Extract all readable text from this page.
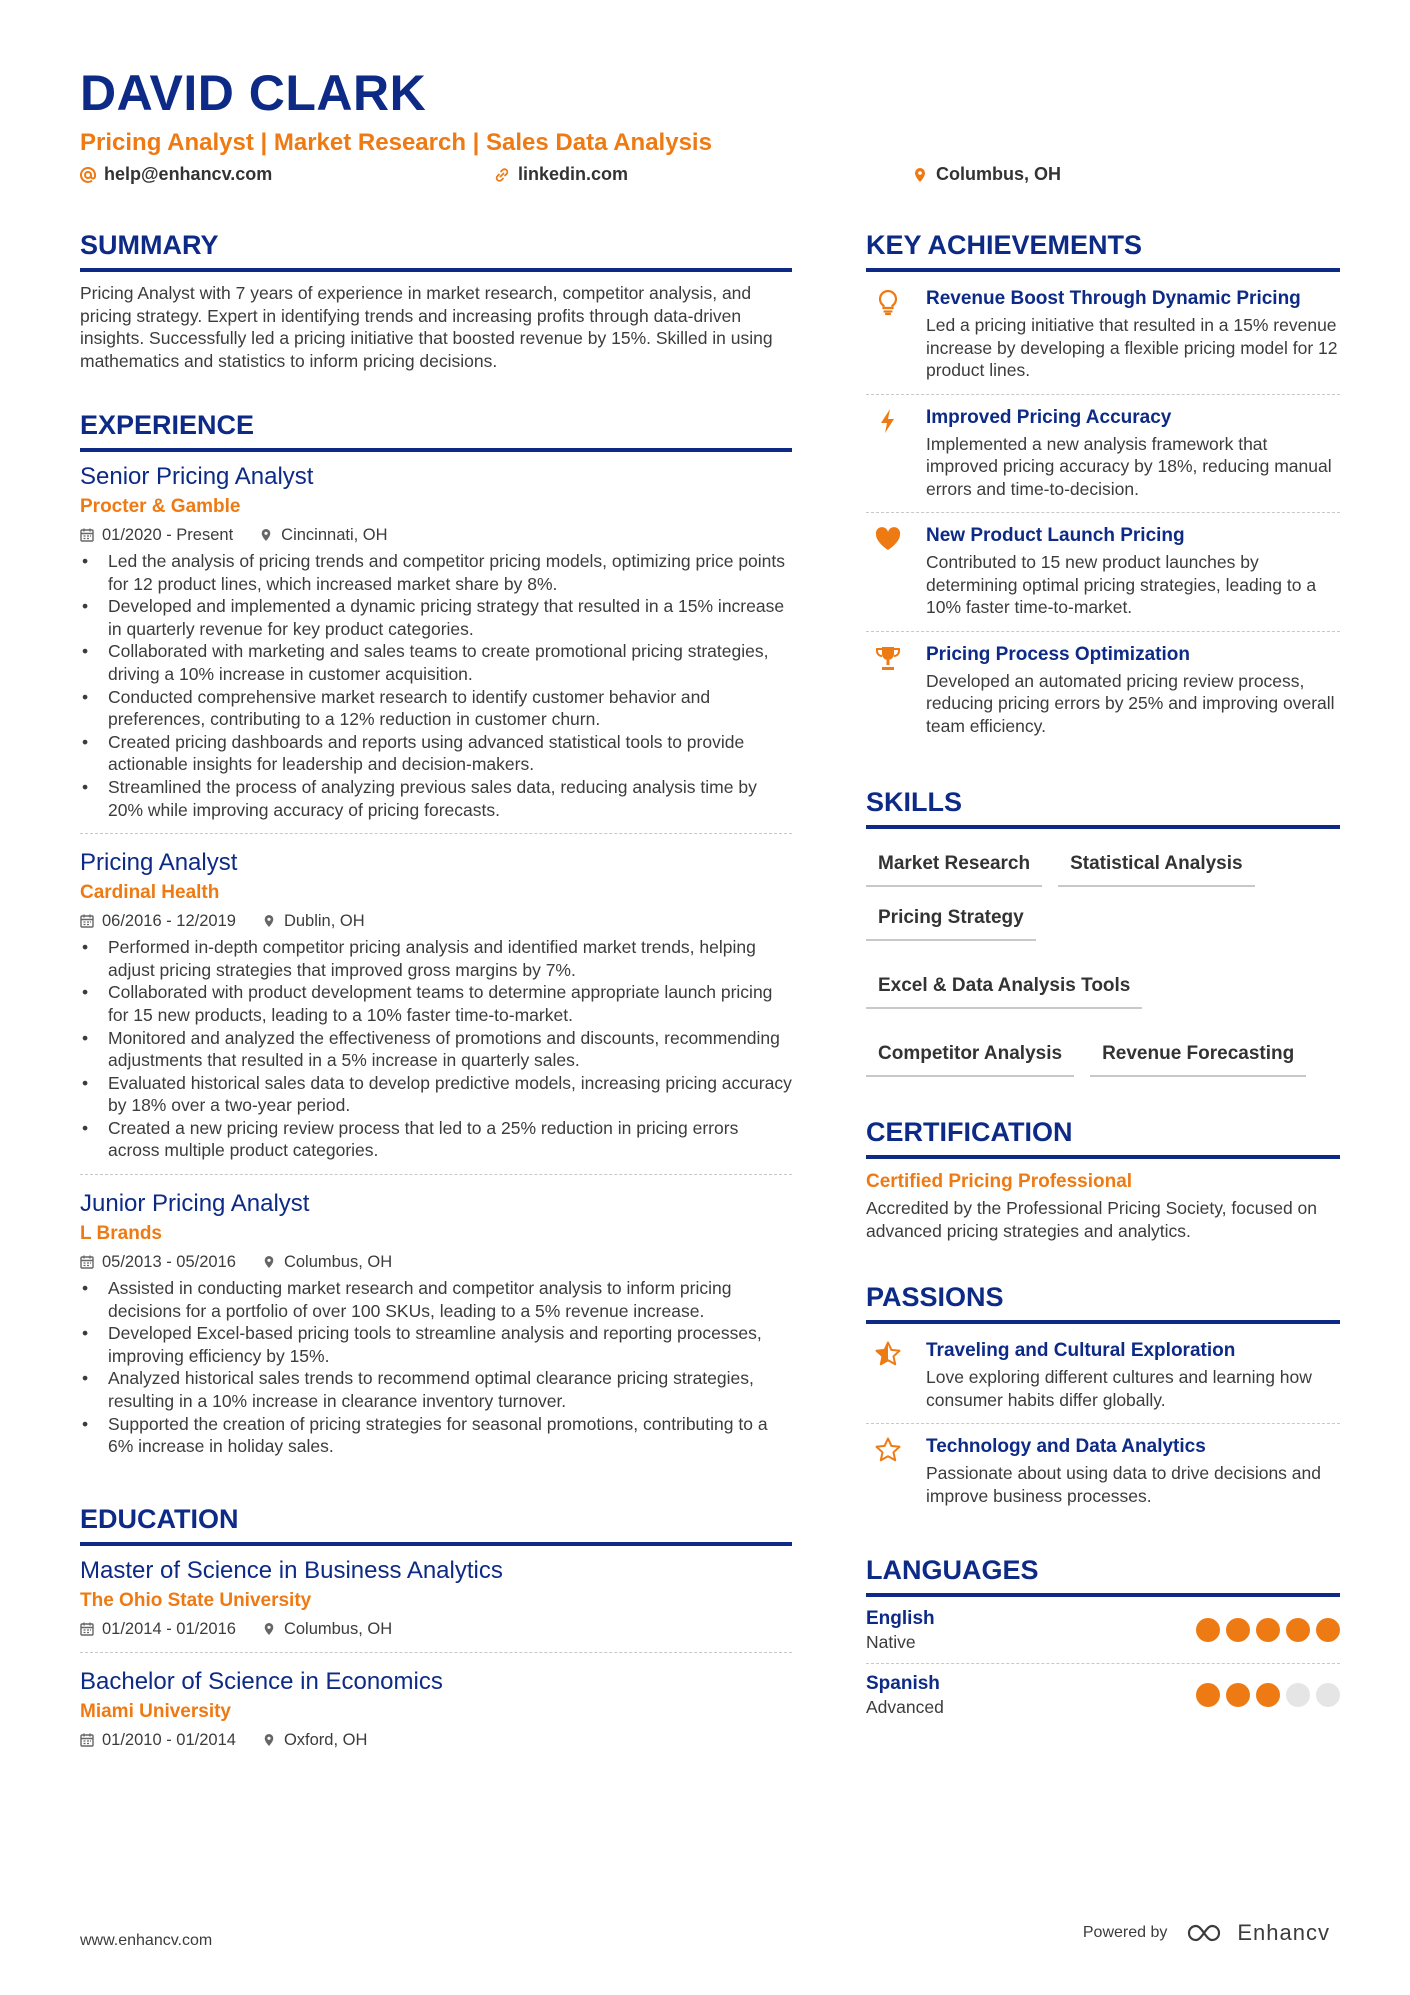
DAVID CLARK
Pricing Analyst | Market Research | Sales Data Analysis
help@enhancv.com	linkedin.com	Columbus, OH
SUMMARY
Pricing Analyst with 7 years of experience in market research, competitor analysis, and pricing strategy. Expert in identifying trends and increasing profits through data-driven insights. Successfully led a pricing initiative that boosted revenue by 15%. Skilled in using mathematics and statistics to inform pricing decisions.
EXPERIENCE
Senior Pricing Analyst
Procter & Gamble
01/2020 - Present	Cincinnati, OH
• Led the analysis of pricing trends and competitor pricing models, optimizing price points for 12 product lines, which increased market share by 8%.
• Developed and implemented a dynamic pricing strategy that resulted in a 15% increase in quarterly revenue for key product categories.
• Collaborated with marketing and sales teams to create promotional pricing strategies, driving a 10% increase in customer acquisition.
• Conducted comprehensive market research to identify customer behavior and preferences, contributing to a 12% reduction in customer churn.
• Created pricing dashboards and reports using advanced statistical tools to provide actionable insights for leadership and decision-makers.
• Streamlined the process of analyzing previous sales data, reducing analysis time by 20% while improving accuracy of pricing forecasts.
Pricing Analyst
Cardinal Health
06/2016 - 12/2019	Dublin, OH
• Performed in-depth competitor pricing analysis and identified market trends, helping adjust pricing strategies that improved gross margins by 7%.
• Collaborated with product development teams to determine appropriate launch pricing for 15 new products, leading to a 10% faster time-to-market.
• Monitored and analyzed the effectiveness of promotions and discounts, recommending adjustments that resulted in a 5% increase in quarterly sales.
• Evaluated historical sales data to develop predictive models, increasing pricing accuracy by 18% over a two-year period.
• Created a new pricing review process that led to a 25% reduction in pricing errors across multiple product categories.
Junior Pricing Analyst
L Brands
05/2013 - 05/2016	Columbus, OH
• Assisted in conducting market research and competitor analysis to inform pricing decisions for a portfolio of over 100 SKUs, leading to a 5% revenue increase.
• Developed Excel-based pricing tools to streamline analysis and reporting processes, improving efficiency by 15%.
• Analyzed historical sales trends to recommend optimal clearance pricing strategies, resulting in a 10% increase in clearance inventory turnover.
• Supported the creation of pricing strategies for seasonal promotions, contributing to a 6% increase in holiday sales.
EDUCATION
Master of Science in Business Analytics
The Ohio State University
01/2014 - 01/2016	Columbus, OH
Bachelor of Science in Economics
Miami University
01/2010 - 01/2014	Oxford, OH
KEY ACHIEVEMENTS
Revenue Boost Through Dynamic Pricing
Led a pricing initiative that resulted in a 15% revenue increase by developing a flexible pricing model for 12 product lines.
Improved Pricing Accuracy
Implemented a new analysis framework that improved pricing accuracy by 18%, reducing manual errors and time-to-decision.
New Product Launch Pricing
Contributed to 15 new product launches by determining optimal pricing strategies, leading to a 10% faster time-to-market.
Pricing Process Optimization
Developed an automated pricing review process, reducing pricing errors by 25% and improving overall team efficiency.
SKILLS
Market Research	Statistical Analysis
Pricing Strategy
Excel & Data Analysis Tools
Competitor Analysis	Revenue Forecasting
CERTIFICATION
Certified Pricing Professional
Accredited by the Professional Pricing Society, focused on advanced pricing strategies and analytics.
PASSIONS
Traveling and Cultural Exploration
Love exploring different cultures and learning how consumer habits differ globally.
Technology and Data Analytics
Passionate about using data to drive decisions and improve business processes.
LANGUAGES
English
Native
Spanish
Advanced
www.enhancv.com	Powered by	Enhancv
